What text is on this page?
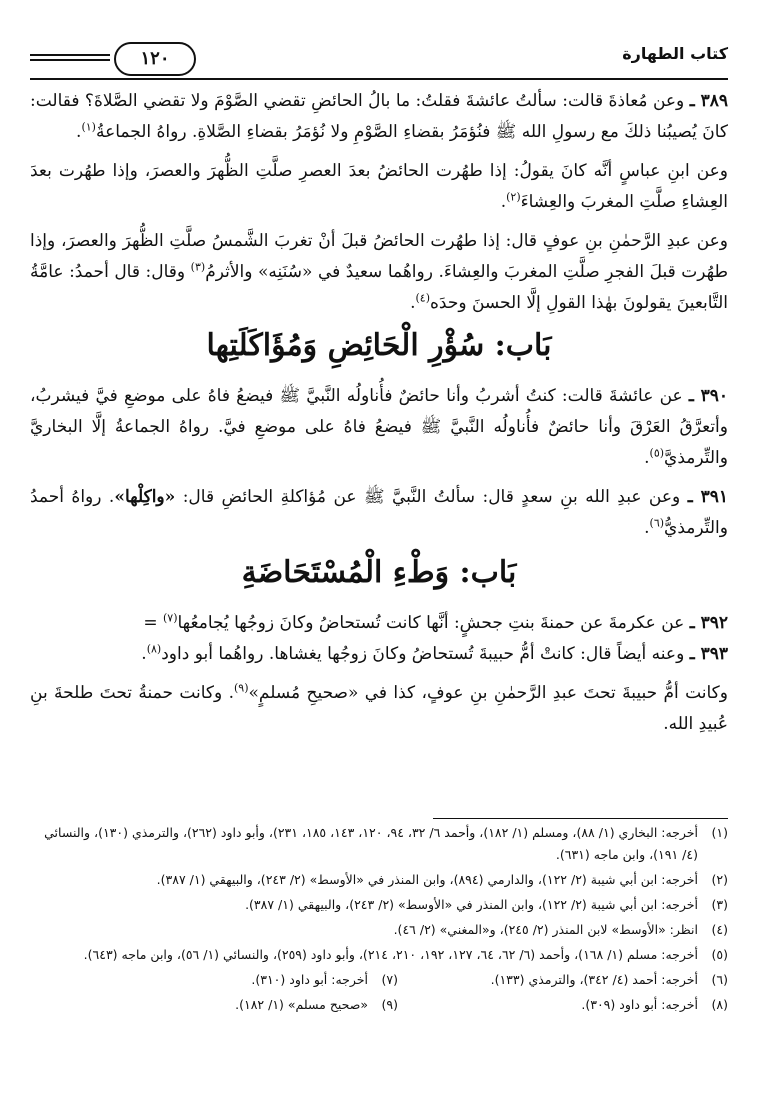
كتاب الطهارة
١٢٠

٣٨٩ ـ وعن مُعاذةَ قالت: سألتُ عائشةَ فقلتُ: ما بالُ الحائضِ تقضي الصَّوْمَ ولا تقضي الصَّلاةَ؟ فقالت: كانَ يُصيبُنا ذلكَ مع رسولِ الله ﷺ فنُؤمَرُ بقضاءِ الصَّوْمِ ولا نُؤمَرُ بقضاءِ الصَّلاةِ. رواهُ الجماعةُ$^{(١)}$.

وعن ابنِ عباسٍ أنَّه كانَ يقولُ: إذا طهُرت الحائضُ بعدَ العصرِ صلَّتِ الظُّهرَ والعصرَ، وإذا طهُرت بعدَ العِشاءِ صلَّتِ المغربَ والعِشاءَ$^{(٢)}$.

وعن عبدِ الرَّحمٰنِ بنِ عوفٍ قال: إذا طهُرت الحائضُ قبلَ أنْ تغربَ الشَّمسُ صلَّتِ الظُّهرَ والعصرَ، وإذا طهُرت قبلَ الفجرِ صلَّتِ المغربَ والعِشاءَ. رواهُما سعيدٌ في «سُنَنِه» والأثرمُ$^{(٣)}$ وقال: قال أحمدُ: عامَّةُ التَّابعينَ يقولونَ بهٰذا القولِ إلَّا الحسنَ وحدَه$^{(٤)}$.

بَاب: سُؤْرِ الْحَائِضِ وَمُؤَاكَلَتِها

٣٩٠ ـ عن عائشةَ قالت: كنتُ أشربُ وأنا حائضٌ فأُناولُه النَّبيَّ ﷺ فيضعُ فاهُ على موضعِ فيَّ فيشربُ، وأتعرَّقُ العَرْقَ وأنا حائضٌ فأُناولُه النَّبيَّ ﷺ فيضعُ فاهُ على موضعِ فيَّ. رواهُ الجماعةُ إلَّا البخاريَّ والتِّرمذيَّ$^{(٥)}$.

٣٩١ ـ وعن عبدِ الله بنِ سعدٍ قال: سألتُ النَّبيَّ ﷺ عن مُؤاكلةِ الحائضِ قال: «واكِلْها». رواهُ أحمدُ والتِّرمذيُّ$^{(٦)}$.

بَاب: وَطْءِ الْمُسْتَحَاضَةِ

٣٩٢ ـ عن عكرمةَ عن حمنةَ بنتِ جحشٍ: أنَّها كانت تُستحاضُ وكانَ زوجُها يُجامعُها$^{(٧)}$ =

٣٩٣ ـ وعنه أيضاً قال: كانتْ أمُّ حبيبةَ تُستحاضُ وكانَ زوجُها يغشاها. رواهُما أبو داود$^{(٨)}$.

وكانت أمُّ حبيبةَ تحتَ عبدِ الرَّحمٰنِ بنِ عوفٍ، كذا في «صحيحِ مُسلمٍ»$^{(٩)}$. وكانت حمنةُ تحتَ طلحةَ بنِ عُبيدِ الله.

(١)
أخرجه: البخاري (١/ ٨٨)، ومسلم (١/ ١٨٢)، وأحمد ٦/ ٣٢، ٩٤، ١٢٠، ١٤٣، ١٨٥، ٢٣١)، وأبو داود (٢٦٢)، والترمذي (١٣٠)، والنسائي (٤/ ١٩١)، وابن ماجه (٦٣١).
(٢)
أخرجه: ابن أبي شيبة (٢/ ١٢٢)، والدارمي (٨٩٤)، وابن المنذر في «الأوسط» (٢/ ٢٤٣)، والبيهقي (١/ ٣٨٧).
(٣)
أخرجه: ابن أبي شيبة (٢/ ١٢٢)، وابن المنذر في «الأوسط» (٢/ ٢٤٣)، والبيهقي (١/ ٣٨٧).
(٤)
انظر: «الأوسط» لابن المنذر (٢/ ٢٤٥)، و«المغني» (٢/ ٤٦).
(٥)
أخرجه: مسلم (١/ ١٦٨)، وأحمد (٦/ ٦٢، ٦٤، ١٢٧، ١٩٢، ٢١٠، ٢١٤)، وأبو داود (٢٥٩)، والنسائي (١/ ٥٦)، وابن ماجه (٦٤٣).
(٦)
أخرجه: أحمد (٤/ ٣٤٢)، والترمذي (١٣٣).
(٧)
أخرجه: أبو داود (٣١٠).
(٨)
أخرجه: أبو داود (٣٠٩).
(٩)
«صحيح مسلم» (١/ ١٨٢).
